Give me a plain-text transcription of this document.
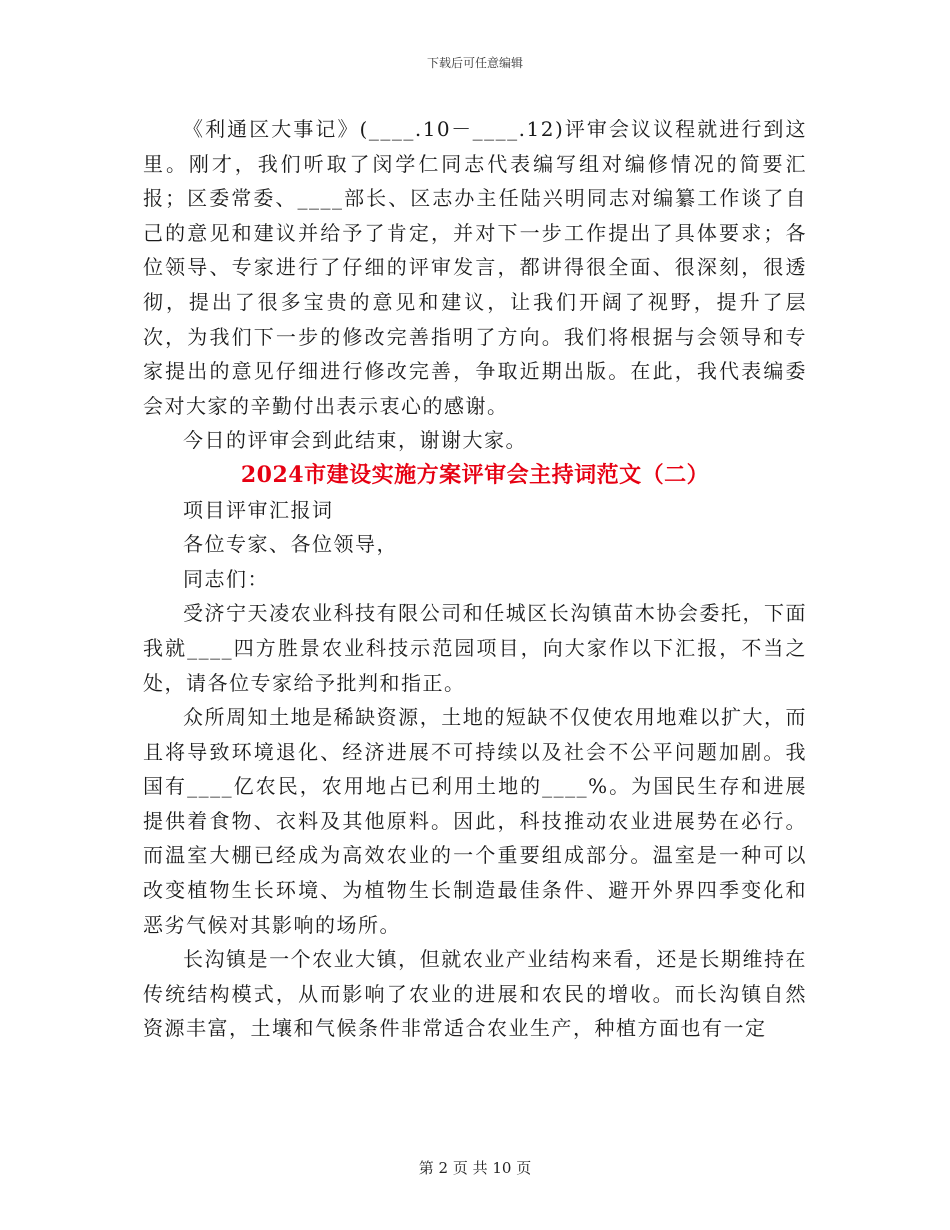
下载后可任意编辑

《利通区大事记》(____.10－____.12)评审会议议程就进行到这里。刚才，我们听取了闵学仁同志代表编写组对编修情况的简要汇报；区委常委、____部长、区志办主任陆兴明同志对编纂工作谈了自己的意见和建议并给予了肯定，并对下一步工作提出了具体要求；各位领导、专家进行了仔细的评审发言，都讲得很全面、很深刻，很透彻，提出了很多宝贵的意见和建议，让我们开阔了视野，提升了层次，为我们下一步的修改完善指明了方向。我们将根据与会领导和专家提出的意见仔细进行修改完善，争取近期出版。在此，我代表编委会对大家的辛勤付出表示衷心的感谢。

今日的评审会到此结束，谢谢大家。

2024市建设实施方案评审会主持词范文（二）

项目评审汇报词

各位专家、各位领导，

同志们：

受济宁天凌农业科技有限公司和任城区长沟镇苗木协会委托，下面我就____四方胜景农业科技示范园项目，向大家作以下汇报，不当之处，请各位专家给予批判和指正。

众所周知土地是稀缺资源，土地的短缺不仅使农用地难以扩大，而且将导致环境退化、经济进展不可持续以及社会不公平问题加剧。我国有____亿农民，农用地占已利用土地的____%。为国民生存和进展提供着食物、衣料及其他原料。因此，科技推动农业进展势在必行。而温室大棚已经成为高效农业的一个重要组成部分。温室是一种可以改变植物生长环境、为植物生长制造最佳条件、避开外界四季变化和恶劣气候对其影响的场所。

长沟镇是一个农业大镇，但就农业产业结构来看，还是长期维持在传统结构模式，从而影响了农业的进展和农民的增收。而长沟镇自然资源丰富，土壤和气候条件非常适合农业生产，种植方面也有一定

第 2 页 共 10 页
